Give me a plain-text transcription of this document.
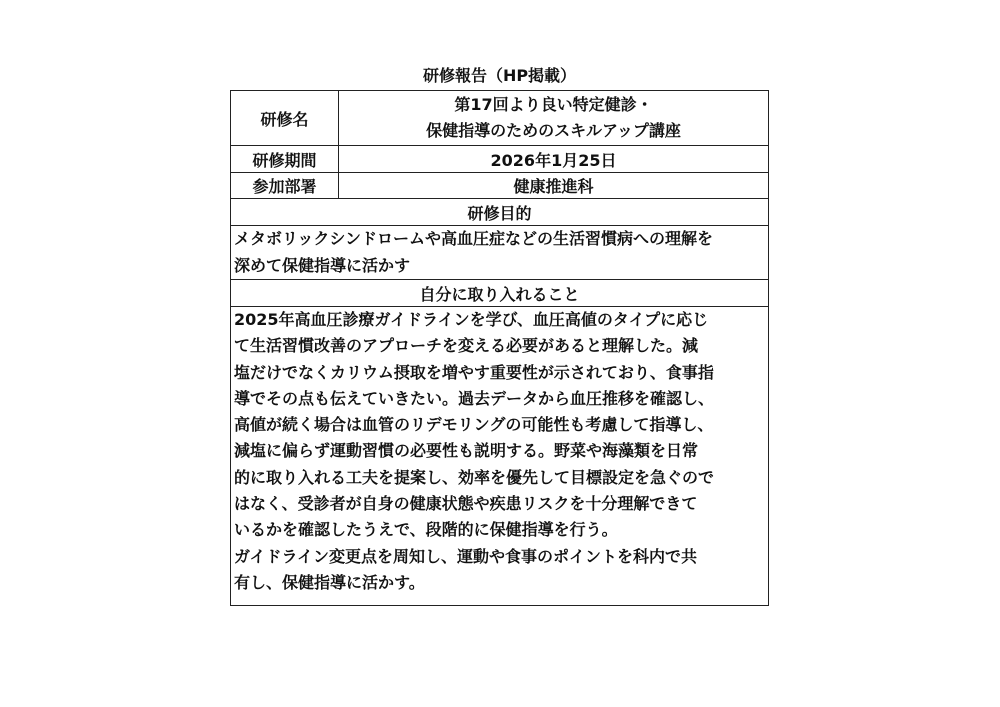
研修報告（HP掲載）
研修名
第17回より良い特定健診・
保健指導のためのスキルアップ講座
研修期間	2026年1月25日
参加部署	健康推進科
研修目的
メタボリックシンドロームや高血圧症などの生活習慣病への理解を
深めて保健指導に活かす
自分に取り入れること
2025年高血圧診療ガイドラインを学び、血圧高値のタイプに応じ
て生活習慣改善のアプローチを変える必要があると理解した。減
塩だけでなくカリウム摂取を増やす重要性が示されており、食事指
導でその点も伝えていきたい。過去データから血圧推移を確認し、
高値が続く場合は血管のリデモリングの可能性も考慮して指導し、
減塩に偏らず運動習慣の必要性も説明する。野菜や海藻類を日常
的に取り入れる工夫を提案し、効率を優先して目標設定を急ぐので
はなく、受診者が自身の健康状態や疾患リスクを十分理解できて
いるかを確認したうえで、段階的に保健指導を行う。
ガイドライン変更点を周知し、運動や食事のポイントを科内で共
有し、保健指導に活かす。
